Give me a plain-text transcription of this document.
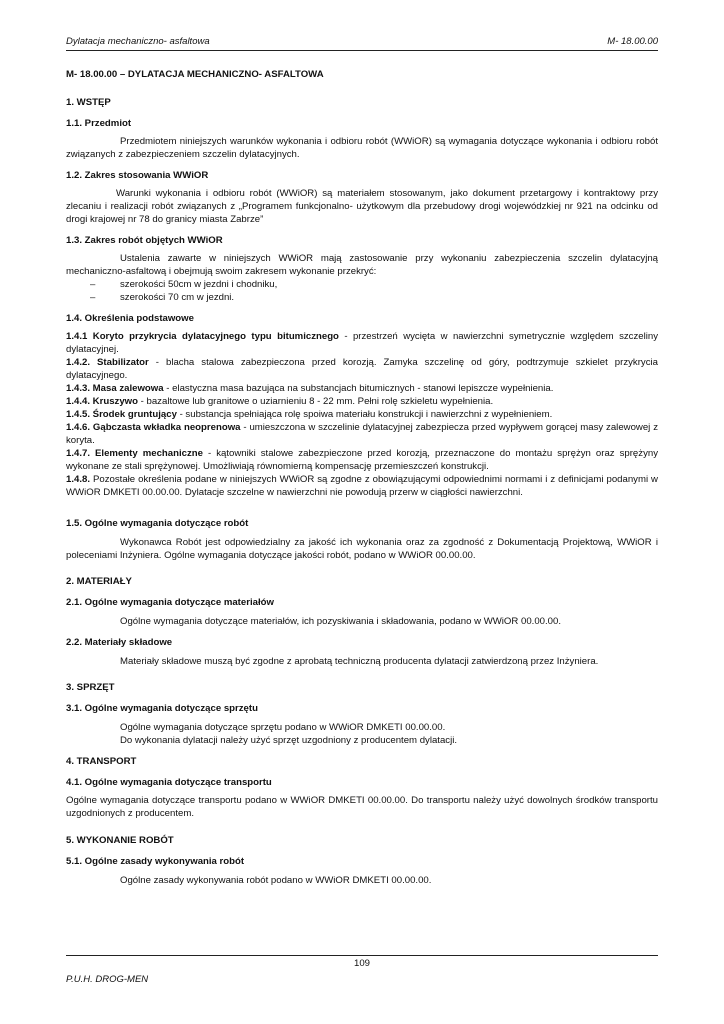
Dylatacja mechaniczno- asfaltowa	M- 18.00.00

M- 18.00.00 – DYLATACJA MECHANICZNO- ASFALTOWA

1. WSTĘP

1.1. Przedmiot

Przedmiotem niniejszych warunków wykonania i odbioru robót (WWiOR) są wymagania dotyczące wykonania i odbioru robót związanych z zabezpieczeniem szczelin dylatacyjnych.

1.2. Zakres stosowania WWiOR

Warunki wykonania i odbioru robót (WWiOR) są materiałem stosowanym, jako dokument przetargowy i kontraktowy przy zlecaniu i realizacji robót związanych z „Programem funkcjonalno- użytkowym dla przebudowy drogi wojewódzkiej nr 921 na odcinku od drogi krajowej nr 78 do granicy miasta Zabrze”

1.3. Zakres robót objętych WWiOR

Ustalenia zawarte w niniejszych WWiOR mają zastosowanie przy wykonaniu zabezpieczenia szczelin dylatacyjną mechaniczno-asfaltową i obejmują swoim zakresem wykonanie przekryć:

–	szerokości 50cm w jezdni i chodniku,

–	szerokości 70 cm w jezdni.

1.4. Określenia podstawowe

1.4.1 Koryto przykrycia dylatacyjnego typu bitumicznego - przestrzeń wycięta w nawierzchni symetrycznie względem szczeliny dylatacyjnej.

1.4.2. Stabilizator - blacha stalowa zabezpieczona przed korozją. Zamyka szczelinę od góry, podtrzymuje szkielet przykrycia dylatacyjnego.

1.4.3. Masa zalewowa - elastyczna masa bazująca na substancjach bitumicznych - stanowi lepiszcze wypełnienia.

1.4.4. Kruszywo - bazaltowe lub granitowe o uziarnieniu 8 - 22 mm. Pełni rolę szkieletu wypełnienia.

1.4.5. Środek gruntujący - substancja spełniająca rolę spoiwa materiału konstrukcji i nawierzchni z wypełnieniem.

1.4.6. Gąbczasta wkładka neoprenowa - umieszczona w szczelinie dylatacyjnej zabezpiecza przed wypływem gorącej masy zalewowej z koryta.

1.4.7. Elementy mechaniczne - kątowniki stalowe zabezpieczone przed korozją, przeznaczone do montażu sprężyn oraz sprężyny wykonane ze stali sprężynowej. Umożliwiają równomierną kompensację przemieszczeń konstrukcji.

1.4.8. Pozostałe określenia podane w niniejszych WWiOR są zgodne z obowiązującymi odpowiednimi normami i z definicjami podanymi w WWiOR DMKETI 00.00.00. Dylatacje szczelne w nawierzchni nie powodują przerw w ciągłości nawierzchni.

1.5. Ogólne wymagania dotyczące robót

Wykonawca Robót jest odpowiedzialny za jakość ich wykonania oraz za zgodność z Dokumentacją Projektową, WWiOR i poleceniami Inżyniera. Ogólne wymagania dotyczące jakości robót, podano w WWiOR 00.00.00.

2. MATERIAŁY

2.1. Ogólne wymagania dotyczące materiałów

Ogólne wymagania dotyczące materiałów, ich pozyskiwania i składowania, podano w WWiOR 00.00.00.

2.2. Materiały składowe

Materiały składowe muszą być zgodne z aprobatą techniczną producenta dylatacji zatwierdzoną przez Inżyniera.

3. SPRZĘT

3.1. Ogólne wymagania dotyczące sprzętu

Ogólne wymagania dotyczące sprzętu podano w WWiOR DMKETI 00.00.00.

Do wykonania dylatacji należy użyć sprzęt uzgodniony z producentem dylatacji.

4. TRANSPORT

4.1. Ogólne wymagania dotyczące transportu

Ogólne wymagania dotyczące transportu podano w WWiOR DMKETI 00.00.00. Do transportu należy użyć dowolnych środków transportu uzgodnionych z producentem.

5. WYKONANIE ROBÓT

5.1. Ogólne zasady wykonywania robót

Ogólne zasady wykonywania robót podano w WWiOR DMKETI 00.00.00.

109
P.U.H. DROG-MEN
